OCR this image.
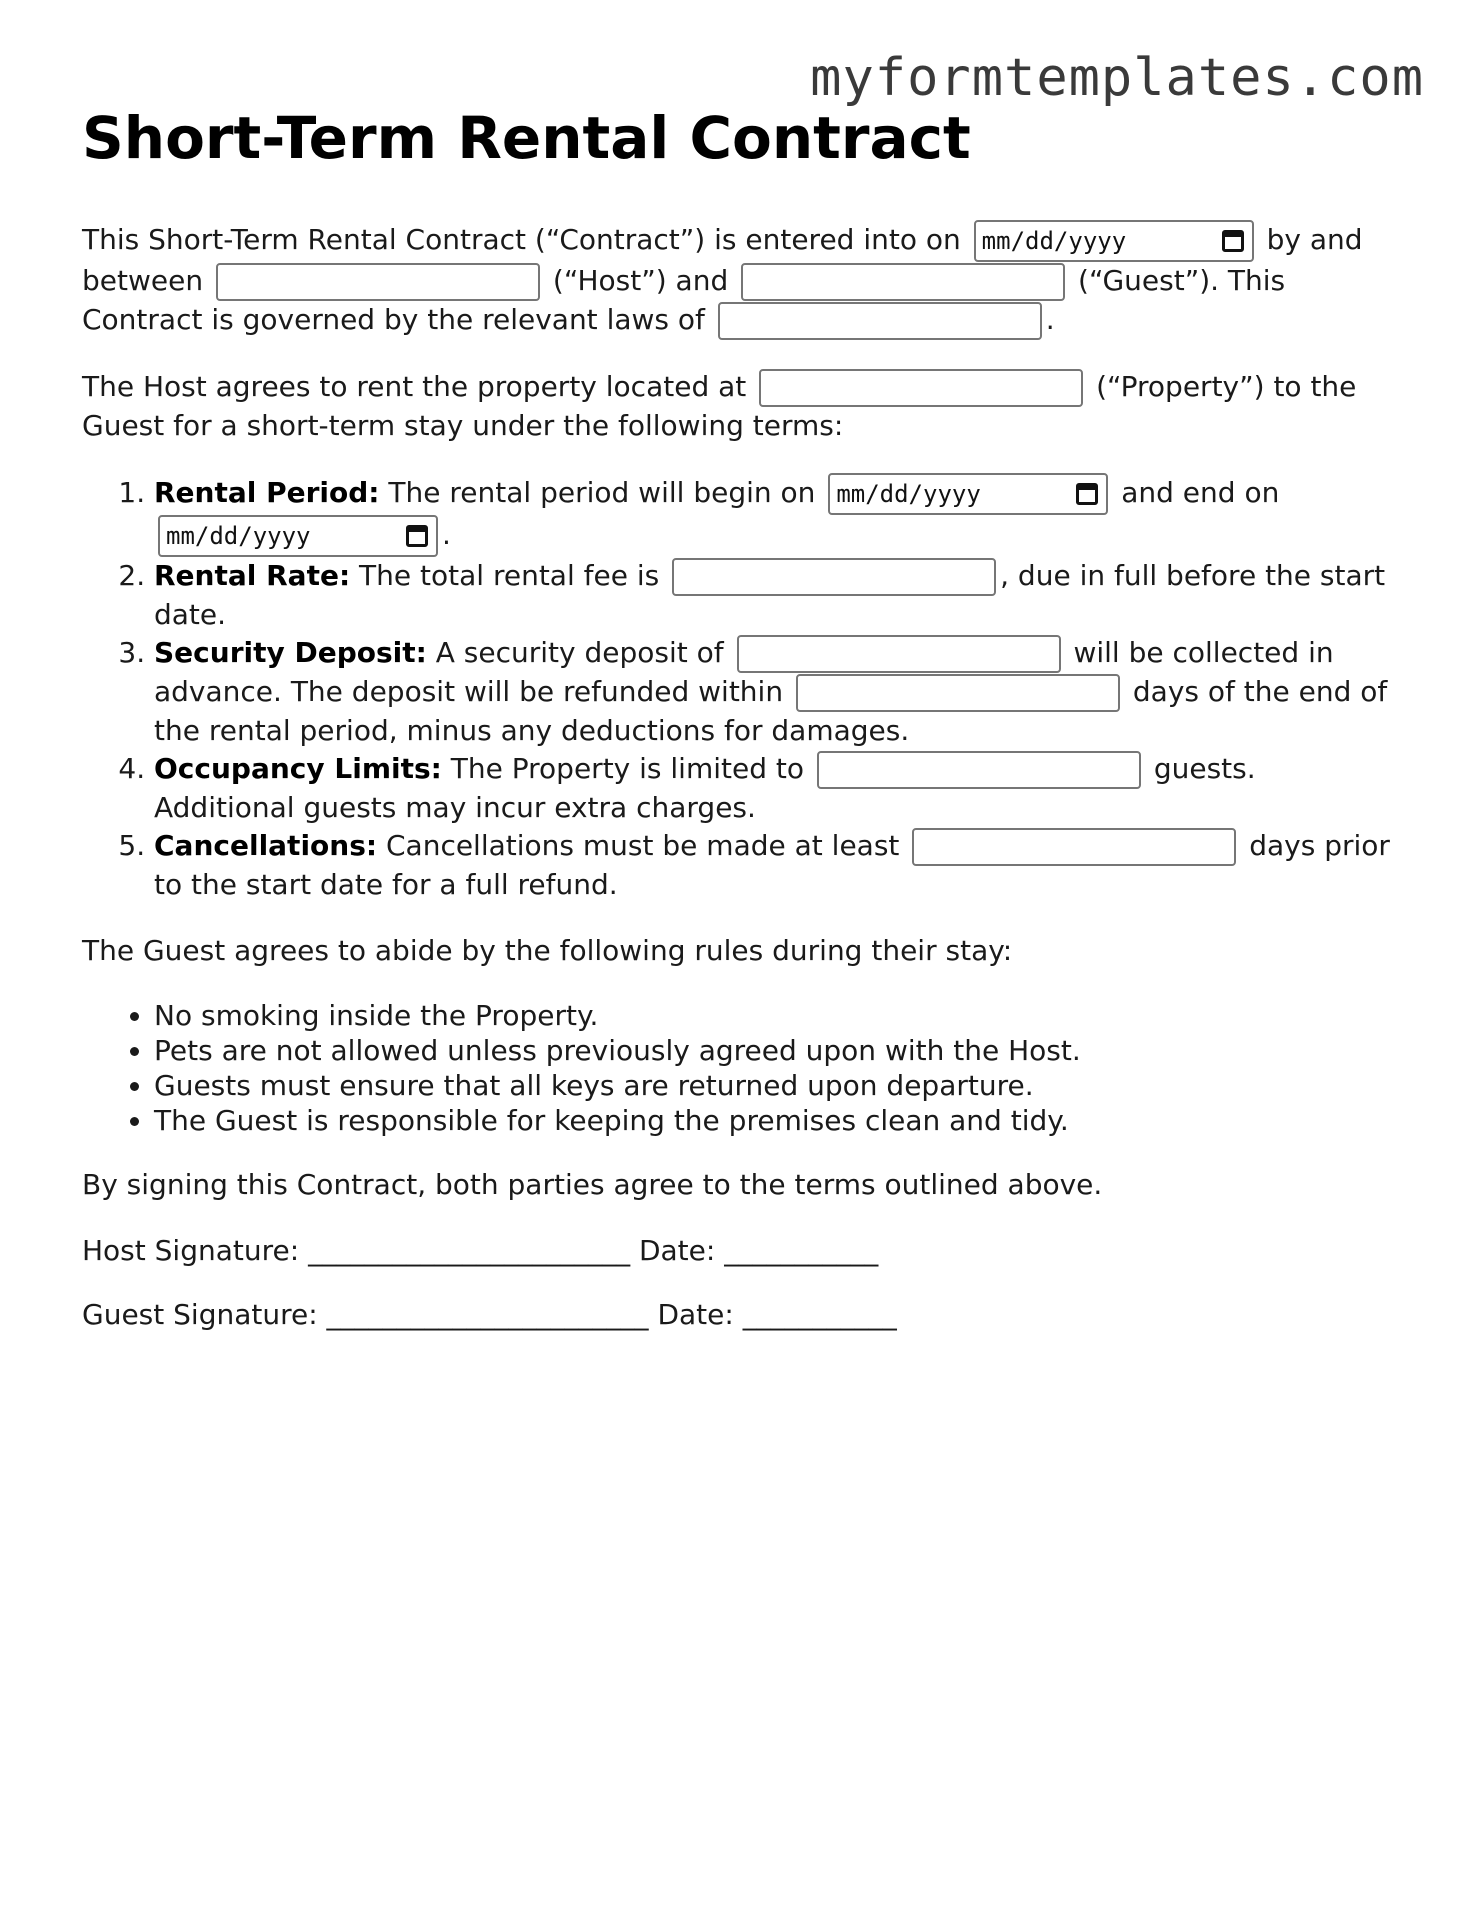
myformtemplates.com
Short-Term Rental Contract

This Short-Term Rental Contract (“Contract”) is entered into on mm/dd/yyyy	by and between	(“Host”) and	(“Guest”). This Contract is governed by the relevant laws of	.

The Host agrees to rent the property located at	(“Property”) to the Guest for a short-term stay under the following terms:

1. Rental Period: The rental period will begin on mm/dd/yyyy	and end on
mm/dd/yyyy	.
2. Rental Rate: The total rental fee is	, due in full before the start date.
3. Security Deposit: A security deposit of	will be collected in advance. The deposit will be refunded within	days of the end of the rental period, minus any deductions for damages.
4. Occupancy Limits: The Property is limited to	guests. Additional guests may incur extra charges.
5. Cancellations: Cancellations must be made at least	days prior to the start date for a full refund.

The Guest agrees to abide by the following rules during their stay:

• No smoking inside the Property.
• Pets are not allowed unless previously agreed upon with the Host.
• Guests must ensure that all keys are returned upon departure.
• The Guest is responsible for keeping the premises clean and tidy.

By signing this Contract, both parties agree to the terms outlined above.

Host Signature: _______________________ Date: ___________

Guest Signature: _______________________ Date: ___________
